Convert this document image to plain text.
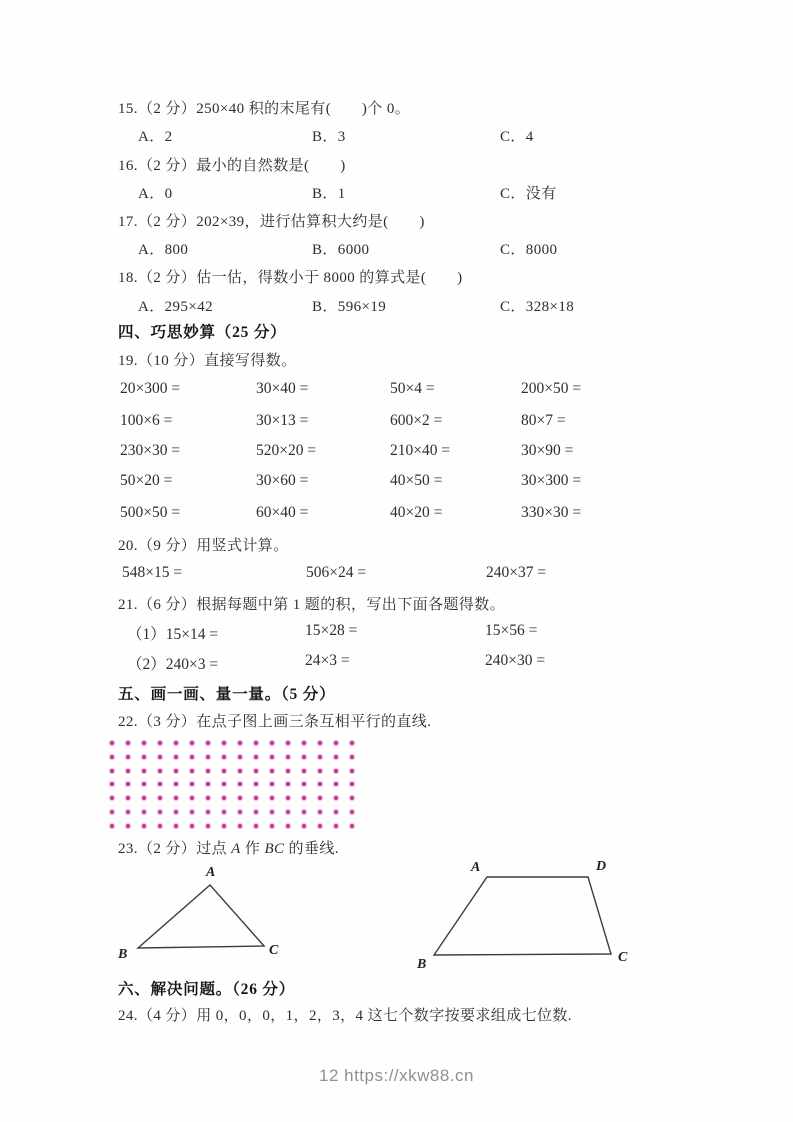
15.（2 分）250×40 积的末尾有(　　)个 0。
A．2	B．3	C．4
16.（2 分）最小的自然数是(　　)
A．0	B．1	C．没有
17.（2 分）202×39，进行估算积大约是(　　)
A．800	B．6000	C．8000
18.（2 分）估一估，得数小于 8000 的算式是(　　)
A．295×42	B．596×19	C．328×18
四、巧思妙算（25 分）
19.（10 分）直接写得数。
20×300 =	30×40 =	50×4 =	200×50 =
100×6 =	30×13 =	600×2 =	80×7 =
230×30 =	520×20 =	210×40 =	30×90 =
50×20 =	30×60 =	40×50 =	30×300 =
500×50 =	60×40 =	40×20 =	330×30 =
20.（9 分）用竖式计算。
548×15 =	506×24 =	240×37 =
21.（6 分）根据每题中第 1 题的积，写出下面各题得数。
（1）15×14 =	15×28 =	15×56 =
（2）240×3 =	24×3 =	240×30 =
五、画一画、量一量。（5 分）
22.（3 分）在点子图上画三条互相平行的直线.
23.（2 分）过点 A 作 BC 的垂线.
A
B	C
A	D
B	C
六、解决问题。（26 分）
24.（4 分）用 0，0，0，1，2，3，4 这七个数字按要求组成七位数.
12 https://xkw88.cn
